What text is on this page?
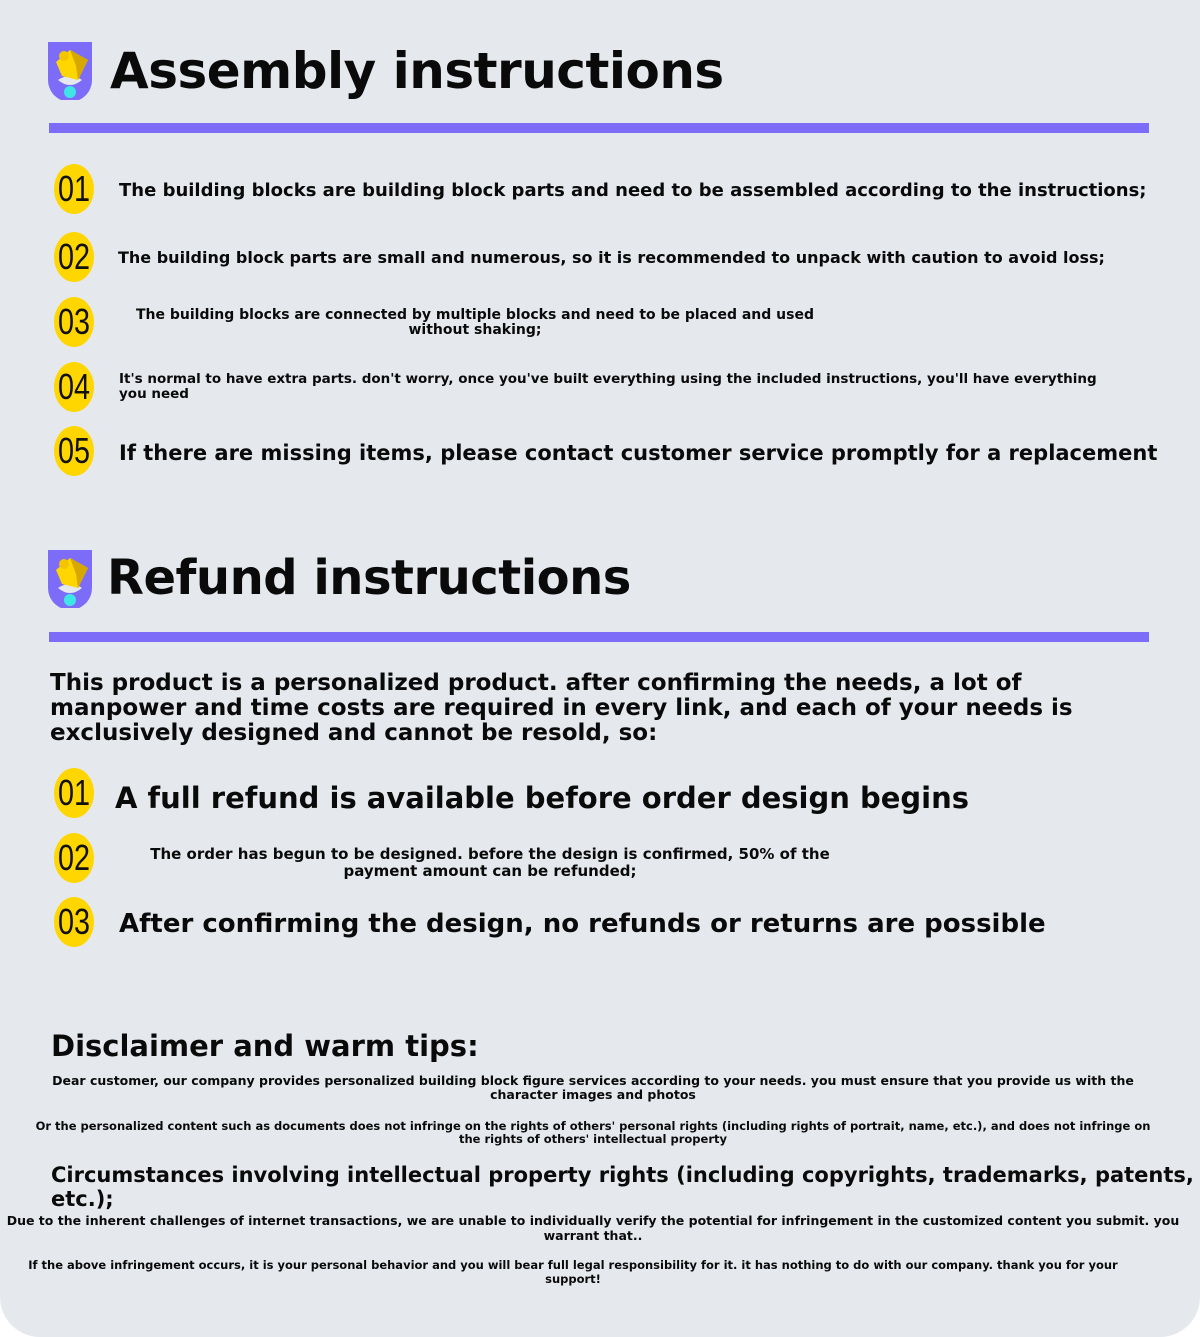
Assembly instructions
01 The building blocks are building block parts and need to be assembled according to the instructions;
02 The building block parts are small and numerous, so it is recommended to unpack with caution to avoid loss;
03	The building blocks are connected by multiple blocks and need to be placed and used without shaking;
04 It's normal to have extra parts. don't worry, once you've built everything using the included instructions, you'll have everything you need
05 If there are missing items, please contact customer service promptly for a replacement
Refund instructions
This product is a personalized product. after confirming the needs, a lot of manpower and time costs are required in every link, and each of your needs is exclusively designed and cannot be resold, so:
01 A full refund is available before order design begins
02	The order has begun to be designed. before the design is confirmed, 50% of the payment amount can be refunded;
03 After confirming the design, no refunds or returns are possible
Disclaimer and warm tips:
Dear customer, our company provides personalized building block figure services according to your needs. you must ensure that you provide us with the character images and photos
Or the personalized content such as documents does not infringe on the rights of others' personal rights (including rights of portrait, name, etc.), and does not infringe on the rights of others' intellectual property
Circumstances involving intellectual property rights (including copyrights, trademarks, patents, etc.);
Due to the inherent challenges of internet transactions, we are unable to individually verify the potential for infringement in the customized content you submit. you warrant that..
If the above infringement occurs, it is your personal behavior and you will bear full legal responsibility for it. it has nothing to do with our company. thank you for your support!
